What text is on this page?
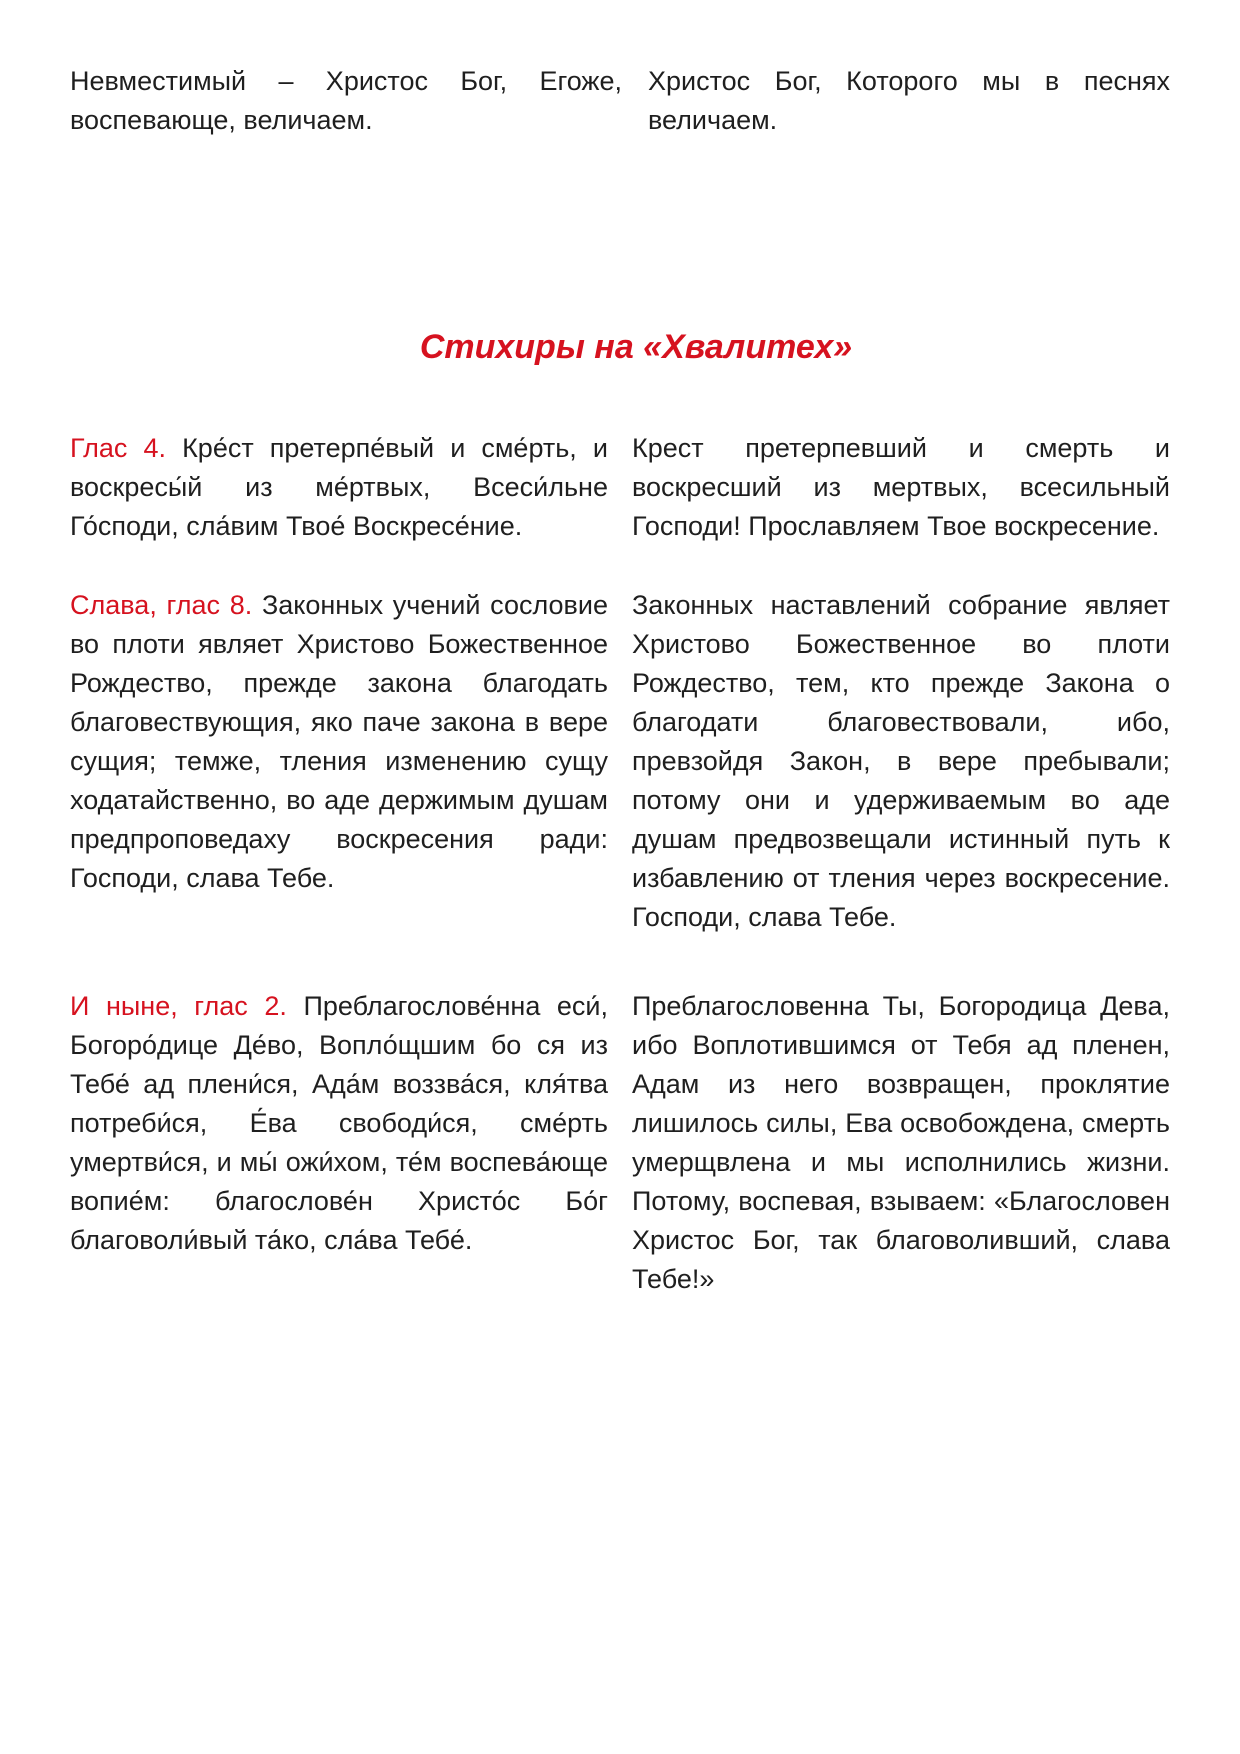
Невместимый – Христос Бог, Егоже, воспевающе, величаем.
Христос Бог, Которого мы в песнях величаем.
Стихиры на «Хвалитех»
Глас 4. Кре́ст претерпе́вый и сме́рть, и воскресы́й из ме́ртвых, Всеси́льне Го́споди, сла́вим Твое́ Воскресе́ние.
Крест претерпевший и смерть и воскресший из мертвых, всесильный Господи! Прославляем Твое воскресение.
Слава, глас 8. Законных учений сословие во плоти являет Христово Божественное Рождество, прежде закона благодать благовествующия, яко паче закона в вере сущия; темже, тления изменению сущу ходатайственно, во аде держимым душам предпроповедаху воскресения ради: Господи, слава Тебе.
Законных наставлений собрание являет Христово Божественное во плоти Рождество, тем, кто прежде Закона о благодати благовествовали, ибо, превзойдя Закон, в вере пребывали; потому они и удерживаемым во аде душам предвозвещали истинный путь к избавлению от тления через воскресение. Господи, слава Тебе.
И ныне, глас 2. Преблагослове́нна еси́, Богоро́дице Де́во, Вопло́щшим бо ся из Тебе́ ад плени́ся, Ада́м воззва́ся, кля́тва потреби́ся, Е́ва свободи́ся, сме́рть умертви́ся, и мы́ ожи́хом, те́м воспева́юще вопие́м: благослове́н Христо́с Бо́г благоволи́вый та́ко, сла́ва Тебе́.
Преблагословенна Ты, Богородица Дева, ибо Воплотившимся от Тебя ад пленен, Адам из него возвращен, проклятие лишилось силы, Ева освобождена, смерть умерщвлена и мы исполнились жизни. Потому, воспевая, взываем: «Благословен Христос Бог, так благоволивший, слава Тебе!»
